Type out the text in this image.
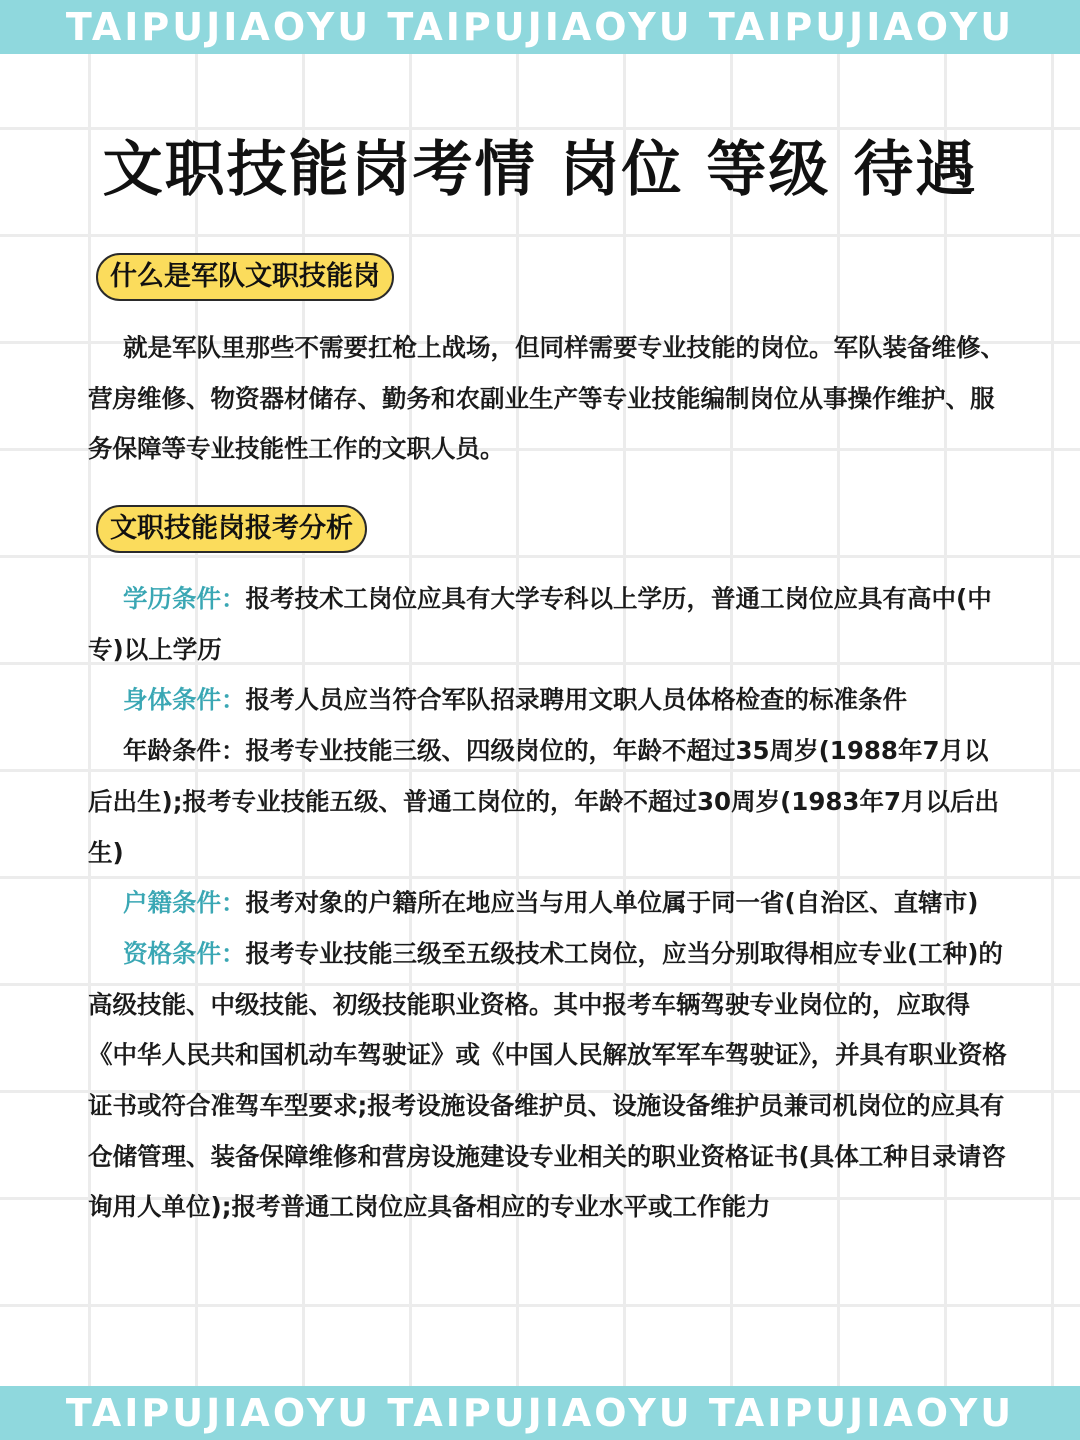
TAIPUJIAOYU TAIPUJIAOYU TAIPUJIAOYU
文职技能岗考情 岗位 等级 待遇
什么是军队文职技能岗

就是军队里那些不需要扛枪上战场，但同样需要专业技能的岗位。军队装备维修、营房维修、物资器材储存、勤务和农副业生产等专业技能编制岗位从事操作维护、服务保障等专业技能性工作的文职人员。

文职技能岗报考分析

学历条件：报考技术工岗位应具有大学专科以上学历，普通工岗位应具有高中(中专)以上学历

身体条件：报考人员应当符合军队招录聘用文职人员体格检查的标准条件

年龄条件：报考专业技能三级、四级岗位的，年龄不超过35周岁(1988年7月以后出生);报考专业技能五级、普通工岗位的，年龄不超过30周岁(1983年7月以后出生)

户籍条件：报考对象的户籍所在地应当与用人单位属于同一省(自治区、直辖市)

资格条件：报考专业技能三级至五级技术工岗位，应当分别取得相应专业(工种)的高级技能、中级技能、初级技能职业资格。其中报考车辆驾驶专业岗位的，应取得《中华人民共和国机动车驾驶证》或《中国人民解放军军车驾驶证》，并具有职业资格证书或符合准驾车型要求;报考设施设备维护员、设施设备维护员兼司机岗位的应具有仓储管理、装备保障维修和营房设施建设专业相关的职业资格证书(具体工种目录请咨询用人单位);报考普通工岗位应具备相应的专业水平或工作能力

TAIPUJIAOYU TAIPUJIAOYU TAIPUJIAOYU
